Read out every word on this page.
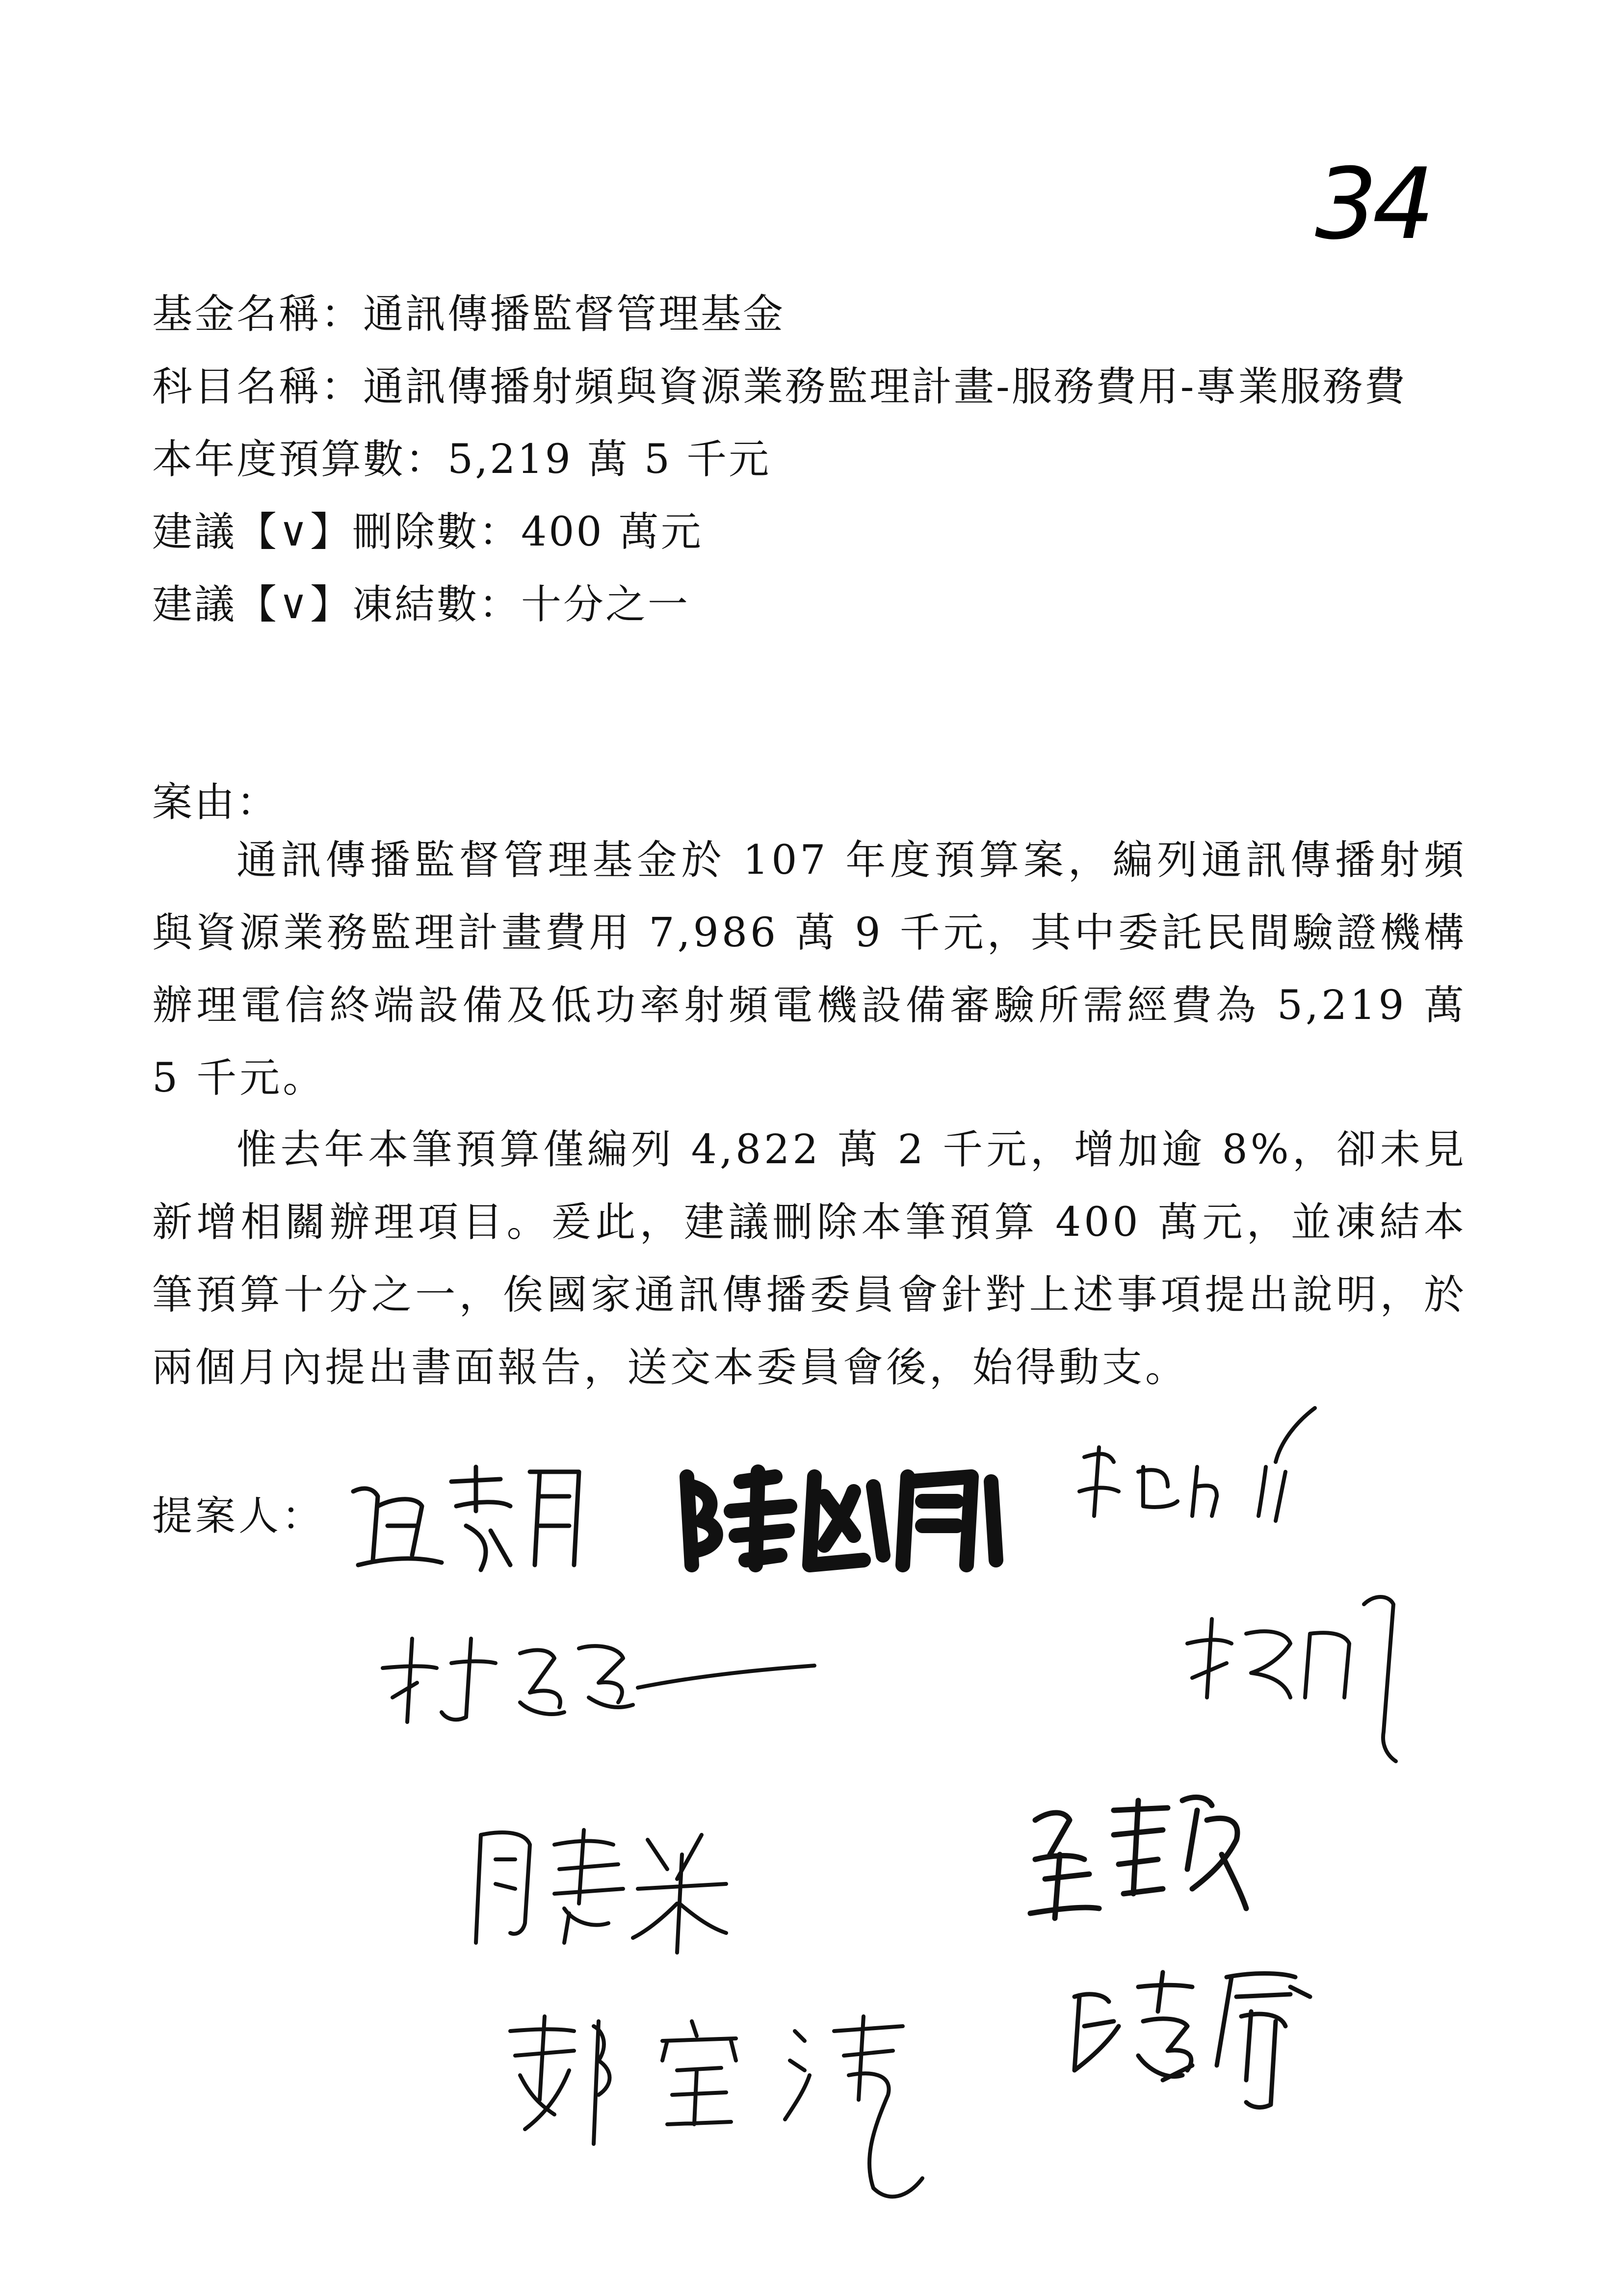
34
基金名稱：通訊傳播監督管理基金
科目名稱：通訊傳播射頻與資源業務監理計畫-服務費用-專業服務費
本年度預算數：5,219 萬 5 千元
建議【∨】刪除數：400 萬元
建議【∨】凍結數：十分之一
案由：
通訊傳播監督管理基金於 107 年度預算案，編列通訊傳播射頻與資源業務監理計畫費用 7,986 萬 9 千元，其中委託民間驗證機構辦理電信終端設備及低功率射頻電機設備審驗所需經費為 5,219 萬 5 千元。
惟去年本筆預算僅編列 4,822 萬 2 千元，增加逾 8%，卻未見新增相關辦理項目。爰此，建議刪除本筆預算 400 萬元，並凍結本筆預算十分之一，俟國家通訊傳播委員會針對上述事項提出說明，於兩個月內提出書面報告，送交本委員會後，始得動支。
提案人：
